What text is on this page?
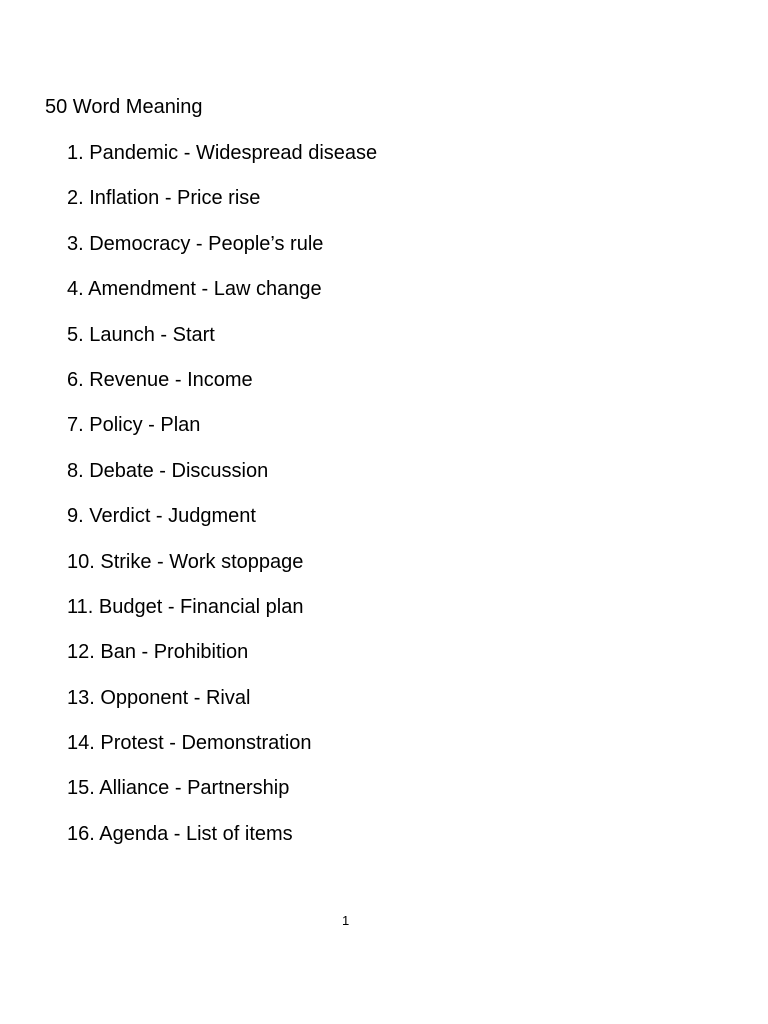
50 Word Meaning
1. Pandemic - Widespread disease
2. Inflation - Price rise
3. Democracy - People’s rule
4. Amendment - Law change
5. Launch - Start
6. Revenue - Income
7. Policy - Plan
8. Debate - Discussion
9. Verdict - Judgment
10. Strike - Work stoppage
11. Budget - Financial plan
12. Ban - Prohibition
13. Opponent - Rival
14. Protest - Demonstration
15. Alliance - Partnership
16. Agenda - List of items
1
